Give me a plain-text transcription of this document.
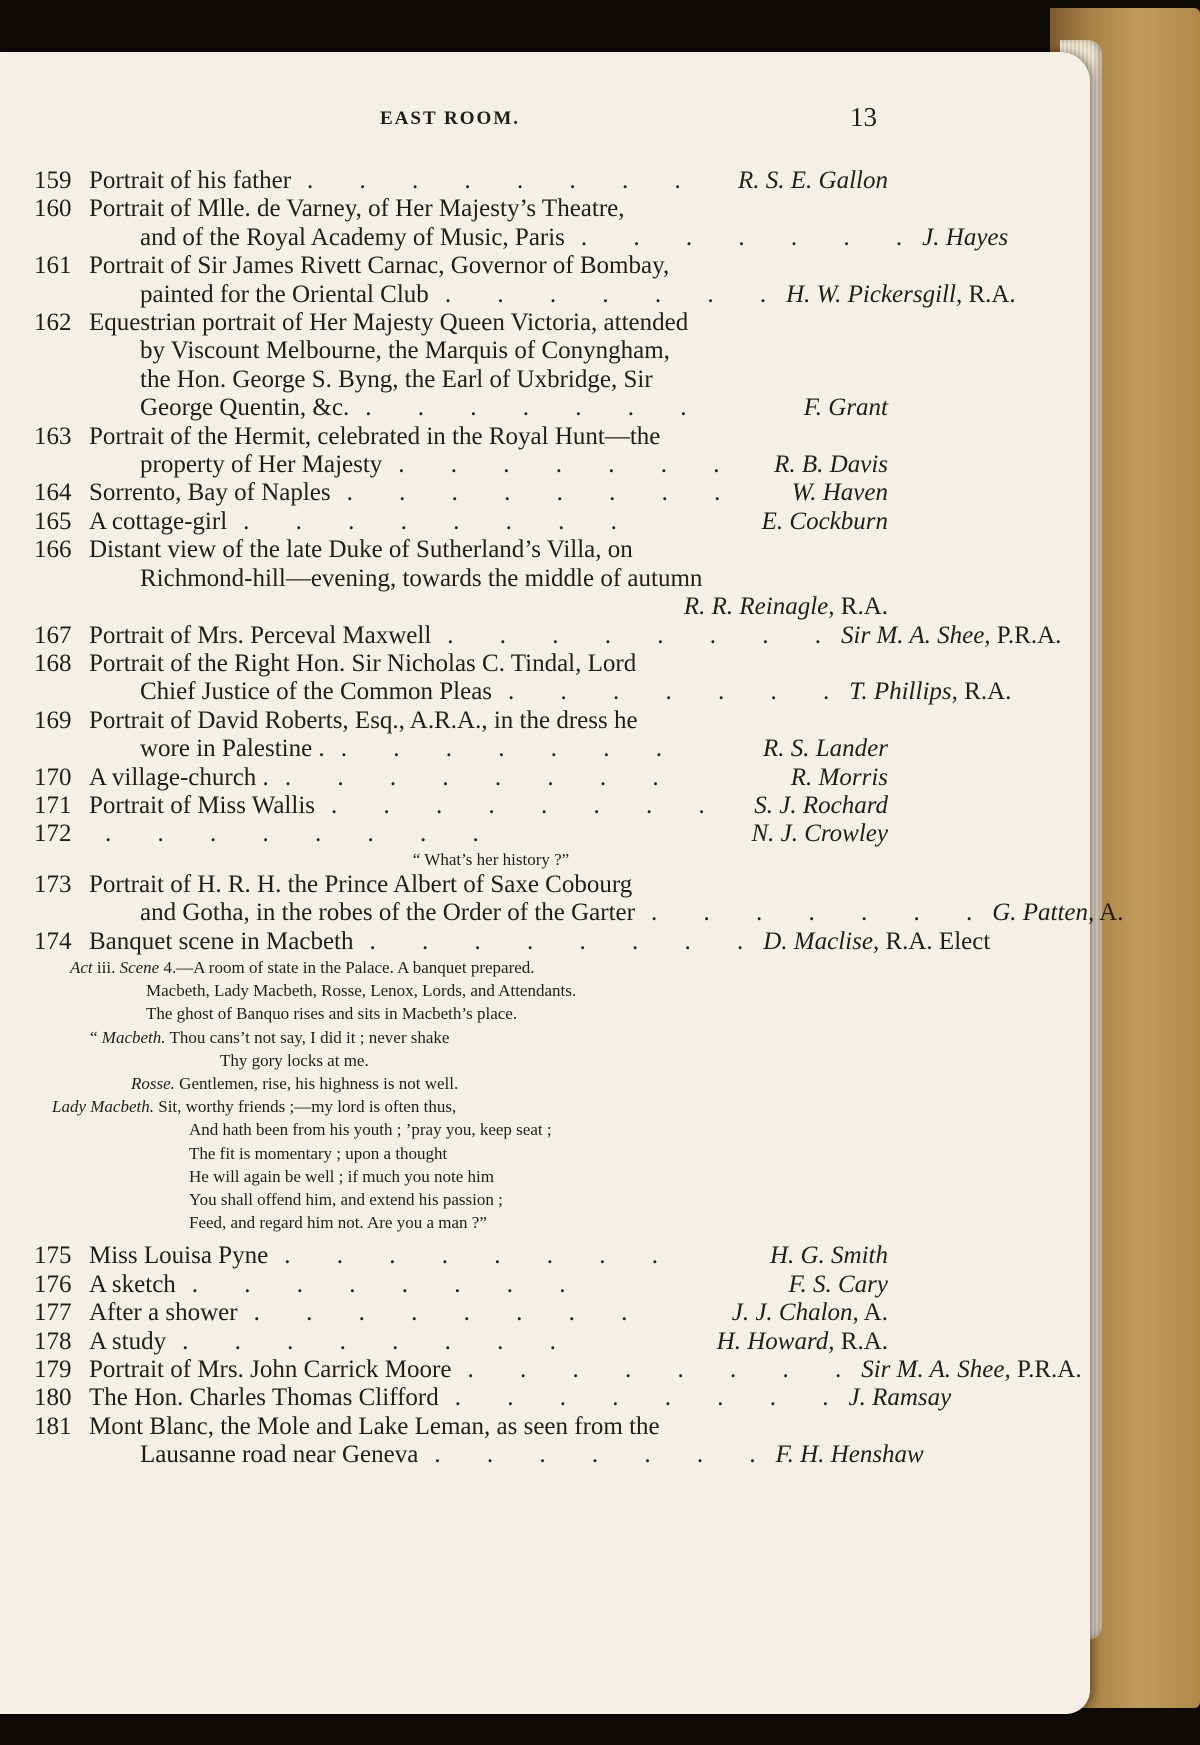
EAST ROOM.	13
159 Portrait of his father . . . . . . . .	R. S. E. Gallon
160 Portrait of Mlle. de Varney, of Her Majesty’s Theatre,
and of the Royal Academy of Music, Paris . . . . . . . J. Hayes
161 Portrait of Sir James Rivett Carnac, Governor of Bombay,
painted for the Oriental Club . . . . . . . H. W. Pickersgill, R.A.
162 Equestrian portrait of Her Majesty Queen Victoria, attended
by Viscount Melbourne, the Marquis of Conyngham,
the Hon. George S. Byng, the Earl of Uxbridge, Sir
George Quentin, &c. . . . . . . .	F. Grant
163 Portrait of the Hermit, celebrated in the Royal Hunt—the
property of Her Majesty . . . . . . .	R. B. Davis
164 Sorrento, Bay of Naples . . . . . . . .	W. Haven
165 A cottage-girl . . . . . . . .	E. Cockburn
166 Distant view of the late Duke of Sutherland’s Villa, on
Richmond-hill—evening, towards the middle of autumn
R. R. Reinagle, R.A.
167 Portrait of Mrs. Perceval Maxwell . . . . . . . . Sir M. A. Shee, P.R.A.
168 Portrait of the Right Hon. Sir Nicholas C. Tindal, Lord
Chief Justice of the Common Pleas . . . . . . . T. Phillips, R.A.
169 Portrait of David Roberts, Esq., A.R.A., in the dress he
wore in Palestine . . . . . . . .	R. S. Lander
170 A village-church . . . . . . . . .	R. Morris
171 Portrait of Miss Wallis . . . . . . . .	S. J. Rochard
172	. . . . . . . .	N. J. Crowley
“ What’s her history ?”
173 Portrait of H. R. H. the Prince Albert of Saxe Cobourg
and Gotha, in the robes of the Order of the Garter . . . . . . . G. Patten, A.
174 Banquet scene in Macbeth . . . . . . . . D. Maclise, R.A. Elect
Act iii. Scene 4.—A room of state in the Palace. A banquet prepared.
Macbeth, Lady Macbeth, Rosse, Lenox, Lords, and Attendants.
The ghost of Banquo rises and sits in Macbeth’s place.
“ Macbeth. Thou cans’t not say, I did it ; never shake
Thy gory locks at me.
Rosse. Gentlemen, rise, his highness is not well.
Lady Macbeth. Sit, worthy friends ;—my lord is often thus,
And hath been from his youth ; ’pray you, keep seat ;
The fit is momentary ; upon a thought
He will again be well ; if much you note him
You shall offend him, and extend his passion ;
Feed, and regard him not. Are you a man ?”
175 Miss Louisa Pyne . . . . . . . .	H. G. Smith
176 A sketch . . . . . . . .	F. S. Cary
177 After a shower . . . . . . . .	J. J. Chalon, A.
178 A study . . . . . . . .	H. Howard, R.A.
179 Portrait of Mrs. John Carrick Moore . . . . . . . . Sir M. A. Shee, P.R.A.
180 The Hon. Charles Thomas Clifford . . . . . . . . J. Ramsay
181 Mont Blanc, the Mole and Lake Leman, as seen from the
Lausanne road near Geneva . . . . . . . F. H. Henshaw
